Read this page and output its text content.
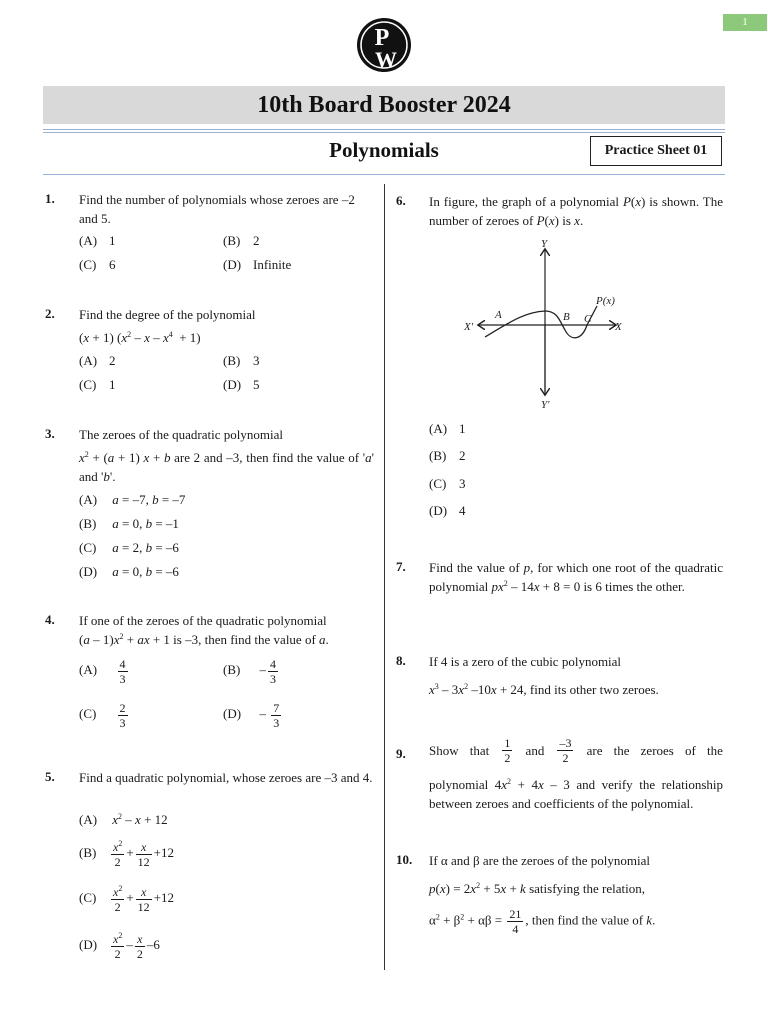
1
P
W
10th Board Booster 2024
Polynomials	Practice Sheet 01
1. Find the number of polynomials whose zeroes are –2 and 5.
(A) 1	(B) 2
(C) 6	(D) Infinite
2. Find the degree of the polynomial
(x + 1) $(x^2 - x - x^4 + 1)$
(A) 2	(B) 3
(C) 1	(D) 5
3. The zeroes of the quadratic polynomial
$x^2 + (a + 1) x + b$ are 2 and –3, then find the value of 'a' and 'b'.
(A) a = –7, b = –7
(B) a = 0, b = –1
(C) a = 2, b = –6
(D) a = 0, b = –6
4. If one of the zeroes of the quadratic polynomial
$(a - 1)x^2$ + ax + 1 is –3, then find the value of a.
$(A) \frac{4}{3}$	$(B) - \frac{4}{3}$
$(C) \frac{2}{3}$	$(D) - \frac{7}{3}$
5. Find a quadratic polynomial, whose zeroes are –3 and 4.
(A) $x^2 - x + 12$
$(B) \frac{x^2}{2} + \frac{x}{12} +12$
$(C) \frac{x^2}{2} + \frac{x}{12} +12$
$(D) \frac{x^2}{2} - \frac{x}{2} -6$
6. In figure, the graph of a polynomial P(x) is shown. The number of zeroes of P(x) is x.
Y
Y′
X
X′
A	B C
P(x)
(A) 1
(B) 2
(C) 3
(D) 4
7. Find the value of p, for which one root of the quadratic polynomial $px^2 - 14x + 8 = 0$ is 6 times the other.
8. If 4 is a zero of the cubic polynomial
$x^3 - 3x^2$ –10x + 24, find its other two zeroes.
9. Show that $\frac{1}{2}$ and $\frac{-3}{2}$ are the zeroes of the
polynomial $4x^2 + 4x - 3$ and verify the relationship between zeroes and coefficients of the polynomial.
10. If α and β are the zeroes of the polynomial
$p(x) = 2x^2 + 5x + k$ satisfying the relation,
$\alpha^2 + \beta^2 + \alpha\beta = \frac{21}{4}$ , then find the value of k.
